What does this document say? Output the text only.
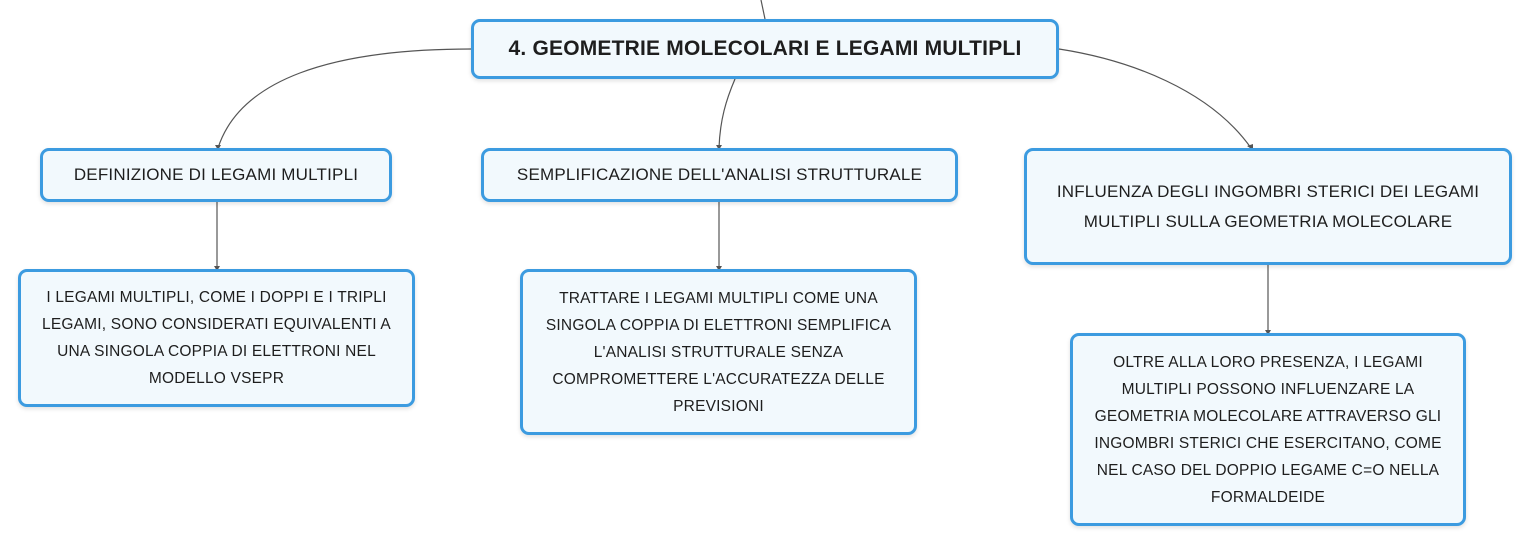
4. GEOMETRIE MOLECOLARI E LEGAMI MULTIPLI
DEFINIZIONE DI LEGAMI MULTIPLI	SEMPLIFICAZIONE DELL'ANALISI STRUTTURALE
INFLUENZA DEGLI INGOMBRI STERICI DEI LEGAMI MULTIPLI SULLA GEOMETRIA MOLECOLARE
I LEGAMI MULTIPLI, COME I DOPPI E I TRIPLI LEGAMI, SONO CONSIDERATI EQUIVALENTI A UNA SINGOLA COPPIA DI ELETTRONI NEL MODELLO VSEPR
TRATTARE I LEGAMI MULTIPLI COME UNA SINGOLA COPPIA DI ELETTRONI SEMPLIFICA L'ANALISI STRUTTURALE SENZA COMPROMETTERE L'ACCURATEZZA DELLE PREVISIONI
OLTRE ALLA LORO PRESENZA, I LEGAMI MULTIPLI POSSONO INFLUENZARE LA GEOMETRIA MOLECOLARE ATTRAVERSO GLI INGOMBRI STERICI CHE ESERCITANO, COME NEL CASO DEL DOPPIO LEGAME C=O NELLA FORMALDEIDE
